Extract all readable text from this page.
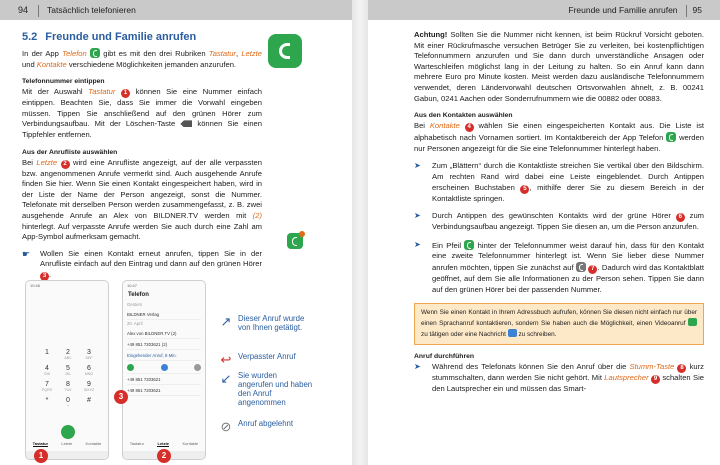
94 Tatsächlich telefonieren
5.2 Freunde und Familie anrufen

In der App Telefon  gibt es mit den drei Rubriken Tastatur, Letzte und Kontakte verschiedene Möglichkeiten jemanden anzurufen.

Telefonnummer eintippen

Mit der Auswahl Tastatur 1 können Sie eine Nummer einfach eintippen. Beachten Sie, dass Sie immer die Vorwahl eingeben müssen. Tippen Sie anschließend auf den grünen Hörer zum Verbindungsaufbau. Mit der Löschen-Taste  können Sie einen Tippfehler entfernen.

Aus der Anrufliste auswählen

Bei Letzte 2 wird eine Anrufliste angezeigt, auf der alle verpassten bzw. angenommenen Anrufe vermerkt sind. Auch ausgehende Anrufe finden Sie hier. Wenn Sie einen Kontakt eingespeichert haben, wird in der Liste der Name der Person angezeigt, sonst die Nummer. Telefonate mit derselben Person werden zusammengefasst, z. B. zwei ausgehende Anrufe an Alex von BILDNER.TV werden mit (2) hinterlegt. Auf verpasste Anrufe werden Sie auch durch eine Zahl am App-Symbol aufmerksam gemacht.

☛	Wollen Sie einen Kontakt erneut anrufen, tippen Sie in der Anrufliste einfach auf den Eintrag und dann auf den grünen Hörer 3 .
10:46
1	2
ABC
3
DEF
4
GHI
5
JKL
6
MNO
7
PQRS
8
TUV
9
WXYZ
*	0
+
#
Tastatur	Letzte	Kontakte
1
10:47
Telefon
Gestern
BILDNER Verlag
20. April
Alex von BILDNER.TV (2)
+49 851 7203621 (2)
Eingehender Anruf, 8 Min.
+49 851 7203621
+49 851 7203621
Tastatur	Letzte	Kontakte
3
2
↗ Dieser Anruf wurde von Ihnen getätigt.
↩ Verpasster Anruf
↙ Sie wurden angerufen und haben den Anruf angenommen
⊘ Anruf abgelehnt
Freunde und Familie anrufen 95

Achtung! Sollten Sie die Nummer nicht kennen, ist beim Rückruf Vorsicht geboten. Mit einer Rückrufmasche versuchen Betrüger Sie zu verleiten, bei kostenpflichtigen Telefonnummern anzurufen und Sie dann durch unverständliche Ansagen oder Warteschleifen möglichst lang in der Leitung zu halten. So ein Anruf kann dann mehrere Euro pro Minute kosten. Meist werden dazu ausländische Telefonnummern verwendet, deren Ländervorwahl deutschen Ortsvorwahlen ähnelt, z. B. 00241 Gabun, 0241 Aachen oder Sonderrufnummern wie die 00882 oder 00883.

Aus den Kontakten auswählen

Bei Kontakte 4 wählen Sie einen eingespeicherten Kontakt aus. Die Liste ist alphabetisch nach Vornamen sortiert. Im Kontaktbereich der App Telefon  werden nur Personen angezeigt für die Sie eine Telefonnummer hinterlegt haben.

➤	Zum „Blättern“ durch die Kontaktliste streichen Sie vertikal über den Bildschirm. Am rechten Rand wird dabei eine Leiste eingeblendet. Durch Antippen erscheinen Buchstaben 5 , mithilfe derer Sie zu diesem Bereich in der Kontaktliste springen.
➤	Durch Antippen des gewünschten Kontakts wird der grüne Hörer 6 zum Verbindungsaufbau angezeigt. Tippen Sie diesen an, um die Person anzurufen.
➤	Ein Pfeil  hinter der Telefonnummer weist darauf hin, dass für den Kontakt eine zweite Telefonnummer hinterlegt ist. Wenn Sie lieber diese Nummer anrufen möchten, tippen Sie zunächst auf	7 . Dadurch wird das Kontaktblatt geöffnet, auf dem Sie alle Informationen zu der Person sehen. Tippen Sie dann auf den grünen Hörer bei der passenden Nummer.
Wenn Sie einen Kontakt in Ihrem Adressbuch aufrufen, können Sie diesen nicht einfach nur über einen Sprachanruf kontaktieren, sondern Sie haben auch die Möglichkeit, einen Videoanruf  zu tätigen oder eine Nachricht  zu schreiben.
Anruf durchführen
➤	Während des Telefonats können Sie den Anruf über die Stumm-Taste 8 kurz stummschalten, dann werden Sie nicht gehört. Mit Lautsprecher 9 schalten Sie den Lautsprecher ein und müssen das Smart-
